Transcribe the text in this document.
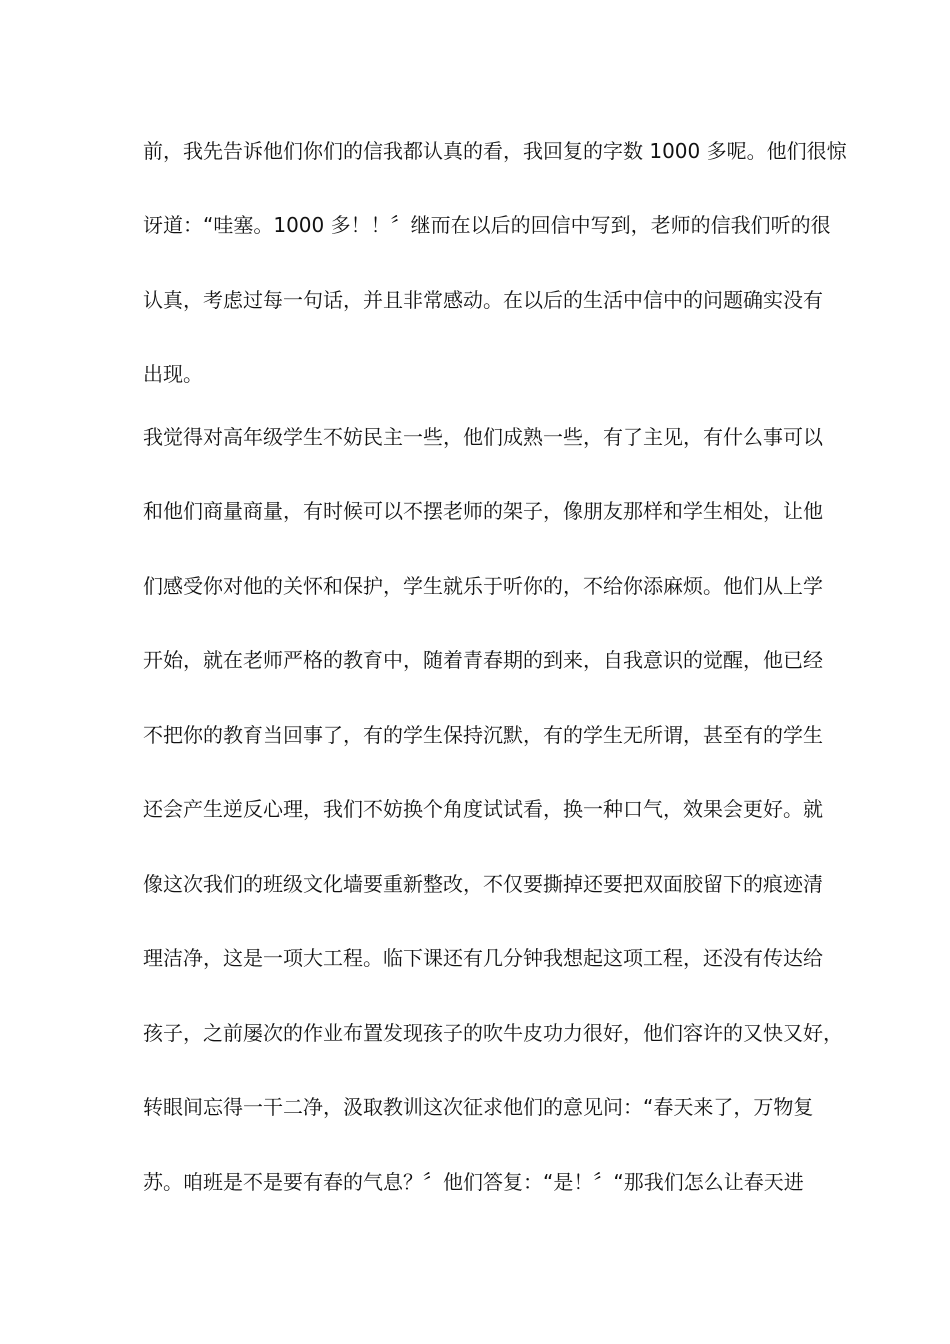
前，我先告诉他们你们的信我都认真的看，我回复的字数 1000 多呢。他们很惊
讶道：“哇塞。1000 多！！〞继而在以后的回信中写到，老师的信我们听的很
认真，考虑过每一句话，并且非常感动。在以后的生活中信中的问题确实没有
出现。
我觉得对高年级学生不妨民主一些，他们成熟一些，有了主见，有什么事可以
和他们商量商量，有时候可以不摆老师的架子，像朋友那样和学生相处，让他
们感受你对他的关怀和保护，学生就乐于听你的，不给你添麻烦。他们从上学
开始，就在老师严格的教育中，随着青春期的到来，自我意识的觉醒，他已经
不把你的教育当回事了，有的学生保持沉默，有的学生无所谓，甚至有的学生
还会产生逆反心理，我们不妨换个角度试试看，换一种口气，效果会更好。就
像这次我们的班级文化墙要重新整改，不仅要撕掉还要把双面胶留下的痕迹清
理洁净，这是一项大工程。临下课还有几分钟我想起这项工程，还没有传达给
孩子，之前屡次的作业布置发现孩子的吹牛皮功力很好，他们容许的又快又好，
转眼间忘得一干二净，汲取教训这次征求他们的意见问：“春天来了，万物复
苏。咱班是不是要有春的气息？〞他们答复：“是！〞“那我们怎么让春天进
